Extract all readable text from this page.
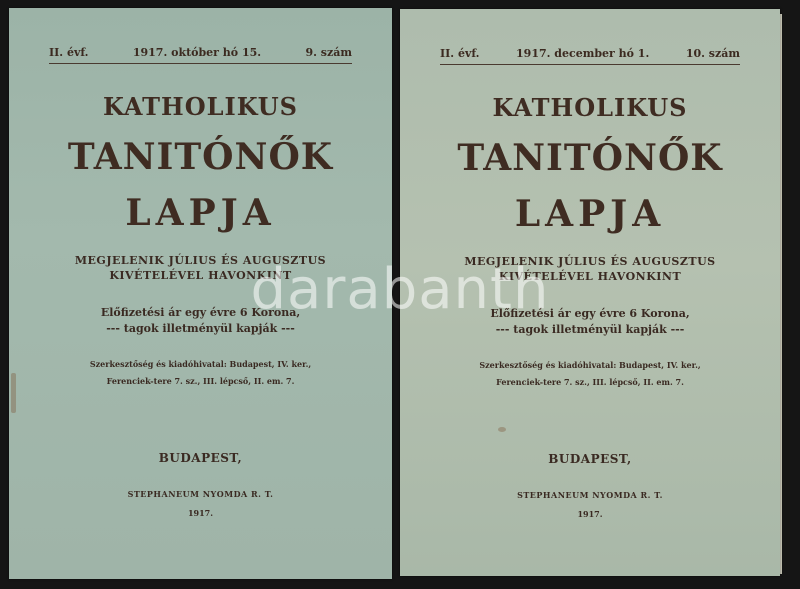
II. évf.	1917. október hó 15.	9. szám
KATHOLIKUS
TANITÓNŐK
LAPJA
MEGJELENIK JÚLIUS ÉS AUGUSZTUS
KIVÉTELÉVEL HAVONKINT
Előfizetési ár egy évre 6 Korona,
--- tagok illetményül kapják ---
Szerkesztőség és kiadóhivatal: Budapest, IV. ker.,
Ferenciek-tere 7. sz., III. lépcső, II. em. 7.
BUDAPEST,
STEPHANEUM NYOMDA R. T.
1917.
II. évf.	1917. december hó 1.	10. szám
KATHOLIKUS
TANITÓNŐK
LAPJA
MEGJELENIK JÚLIUS ÉS AUGUSZTUS
KIVÉTELÉVEL HAVONKINT
Előfizetési ár egy évre 6 Korona,
--- tagok illetményül kapják ---
Szerkesztőség és kiadóhivatal: Budapest, IV. ker.,
Ferenciek-tere 7. sz., III. lépcső, II. em. 7.
BUDAPEST,
STEPHANEUM NYOMDA R. T.
1917.
darabanth
